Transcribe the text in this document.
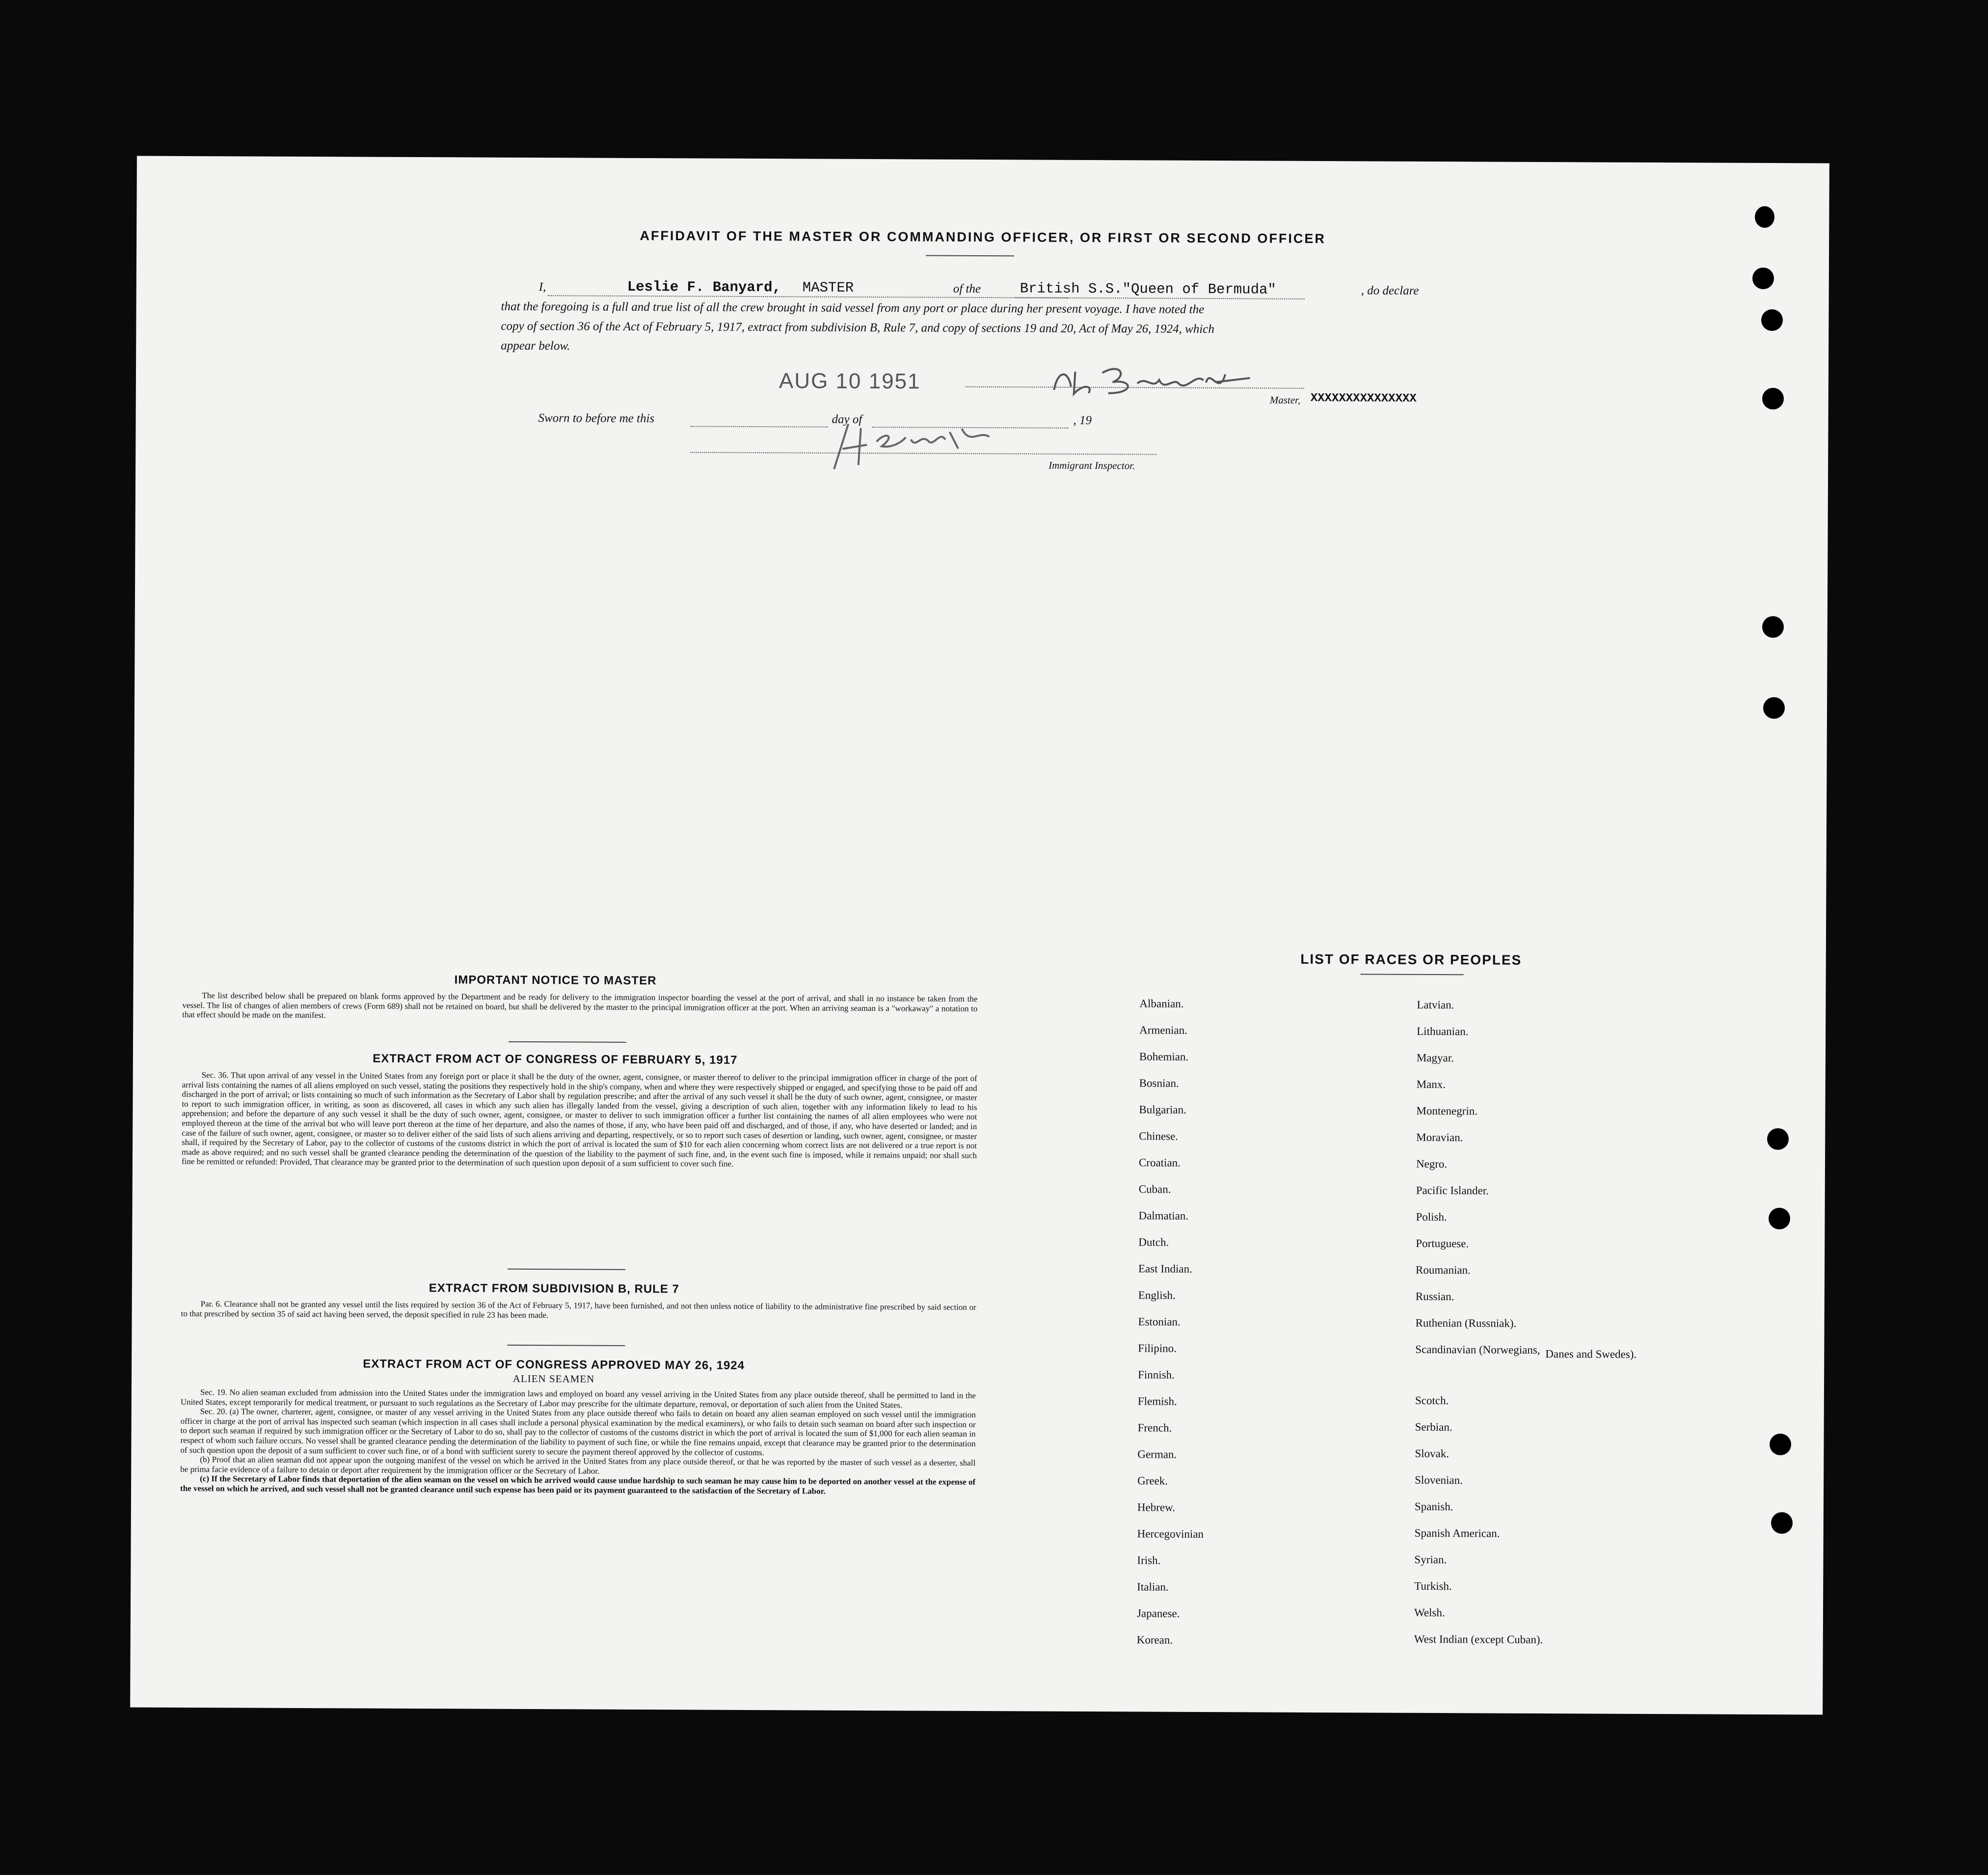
AFFIDAVIT OF THE MASTER OR COMMANDING OFFICER, OR FIRST OR SECOND OFFICER
I,	Leslie F. Banyard, MASTER	of the	British S.S."Queen of Bermuda"	, do declare
that the foregoing is a full and true list of all the crew brought in said vessel from any port or place during her present voyage. I have noted the
copy of section 36 of the Act of February 5, 1917, extract from subdivision B, Rule 7, and copy of sections 19 and 20, Act of May 26, 1924, which
appear below.
AUG 10 1951
Master, XXXXXXXXXXXXXXX
Sworn to before me this	day of	, 19
Immigrant Inspector.
IMPORTANT NOTICE TO MASTER

The list described below shall be prepared on blank forms approved by the Department and be ready for delivery to the immigration inspector boarding the vessel at the port of arrival, and shall in no instance be taken from the vessel. The list of changes of alien members of crews (Form 689) shall not be retained on board, but shall be delivered by the master to the principal immigration officer at the port. When an arriving seaman is a "workaway" a notation to that effect should be made on the manifest.

EXTRACT FROM ACT OF CONGRESS OF FEBRUARY 5, 1917

Sec. 36. That upon arrival of any vessel in the United States from any foreign port or place it shall be the duty of the owner, agent, consignee, or master thereof to deliver to the principal immigration officer in charge of the port of arrival lists containing the names of all aliens employed on such vessel, stating the positions they respectively hold in the ship's company, when and where they were respectively shipped or engaged, and specifying those to be paid off and discharged in the port of arrival; or lists containing so much of such information as the Secretary of Labor shall by regulation prescribe; and after the arrival of any such vessel it shall be the duty of such owner, agent, consignee, or master to report to such immigration officer, in writing, as soon as discovered, all cases in which any such alien has illegally landed from the vessel, giving a description of such alien, together with any information likely to lead to his apprehension; and before the departure of any such vessel it shall be the duty of such owner, agent, consignee, or master to deliver to such immigration officer a further list containing the names of all alien employees who were not employed thereon at the time of the arrival but who will leave port thereon at the time of her departure, and also the names of those, if any, who have been paid off and discharged, and of those, if any, who have deserted or landed; and in case of the failure of such owner, agent, consignee, or master so to deliver either of the said lists of such aliens arriving and departing, respectively, or so to report such cases of desertion or landing, such owner, agent, consignee, or master shall, if required by the Secretary of Labor, pay to the collector of customs of the customs district in which the port of arrival is located the sum of $10 for each alien concerning whom correct lists are not delivered or a true report is not made as above required; and no such vessel shall be granted clearance pending the determination of the question of the liability to the payment of such fine, and, in the event such fine is imposed, while it remains unpaid; nor shall such fine be remitted or refunded: Provided, That clearance may be granted prior to the determination of such question upon deposit of a sum sufficient to cover such fine.

EXTRACT FROM SUBDIVISION B, RULE 7

Par. 6. Clearance shall not be granted any vessel until the lists required by section 36 of the Act of February 5, 1917, have been furnished, and not then unless notice of liability to the administrative fine prescribed by said section or to that prescribed by section 35 of said act having been served, the deposit specified in rule 23 has been made.

EXTRACT FROM ACT OF CONGRESS APPROVED MAY 26, 1924
ALIEN SEAMEN

Sec. 19. No alien seaman excluded from admission into the United States under the immigration laws and employed on board any vessel arriving in the United States from any place outside thereof, shall be permitted to land in the United States, except temporarily for medical treatment, or pursuant to such regulations as the Secretary of Labor may prescribe for the ultimate departure, removal, or deportation of such alien from the United States.

Sec. 20. (a) The owner, charterer, agent, consignee, or master of any vessel arriving in the United States from any place outside thereof who fails to detain on board any alien seaman employed on such vessel until the immigration officer in charge at the port of arrival has inspected such seaman (which inspection in all cases shall include a personal physical examination by the medical examiners), or who fails to detain such seaman on board after such inspection or to deport such seaman if required by such immigration officer or the Secretary of Labor to do so, shall pay to the collector of customs of the customs district in which the port of arrival is located the sum of $1,000 for each alien seaman in respect of whom such failure occurs. No vessel shall be granted clearance pending the determination of the liability to payment of such fine, or while the fine remains unpaid, except that clearance may be granted prior to the determination of such question upon the deposit of a sum sufficient to cover such fine, or of a bond with sufficient surety to secure the payment thereof approved by the collector of customs.

(b) Proof that an alien seaman did not appear upon the outgoing manifest of the vessel on which he arrived in the United States from any place outside thereof, or that he was reported by the master of such vessel as a deserter, shall be prima facie evidence of a failure to detain or deport after requirement by the immigration officer or the Secretary of Labor.

(c) If the Secretary of Labor finds that deportation of the alien seaman on the vessel on which he arrived would cause undue hardship to such seaman he may cause him to be deported on another vessel at the expense of the vessel on which he arrived, and such vessel shall not be granted clearance until such expense has been paid or its payment guaranteed to the satisfaction of the Secretary of Labor.

LIST OF RACES OR PEOPLES
Albanian.
Armenian.
Bohemian.
Bosnian.
Bulgarian.
Chinese.
Croatian.
Cuban.
Dalmatian.
Dutch.
East Indian.
English.
Estonian.
Filipino.
Finnish.
Flemish.
French.
German.
Greek.
Hebrew.
Hercegovinian
Irish.
Italian.
Japanese.
Korean.
Latvian.
Lithuanian.
Magyar.
Manx.
Montenegrin.
Moravian.
Negro.
Pacific Islander.
Polish.
Portuguese.
Roumanian.
Russian.
Ruthenian (Russniak).
Scandinavian (Norwegians,
Scotch.
Serbian.
Slovak.
Slovenian.
Spanish.
Spanish American.
Syrian.
Turkish.
Welsh.
West Indian (except Cuban).
Danes and Swedes).
